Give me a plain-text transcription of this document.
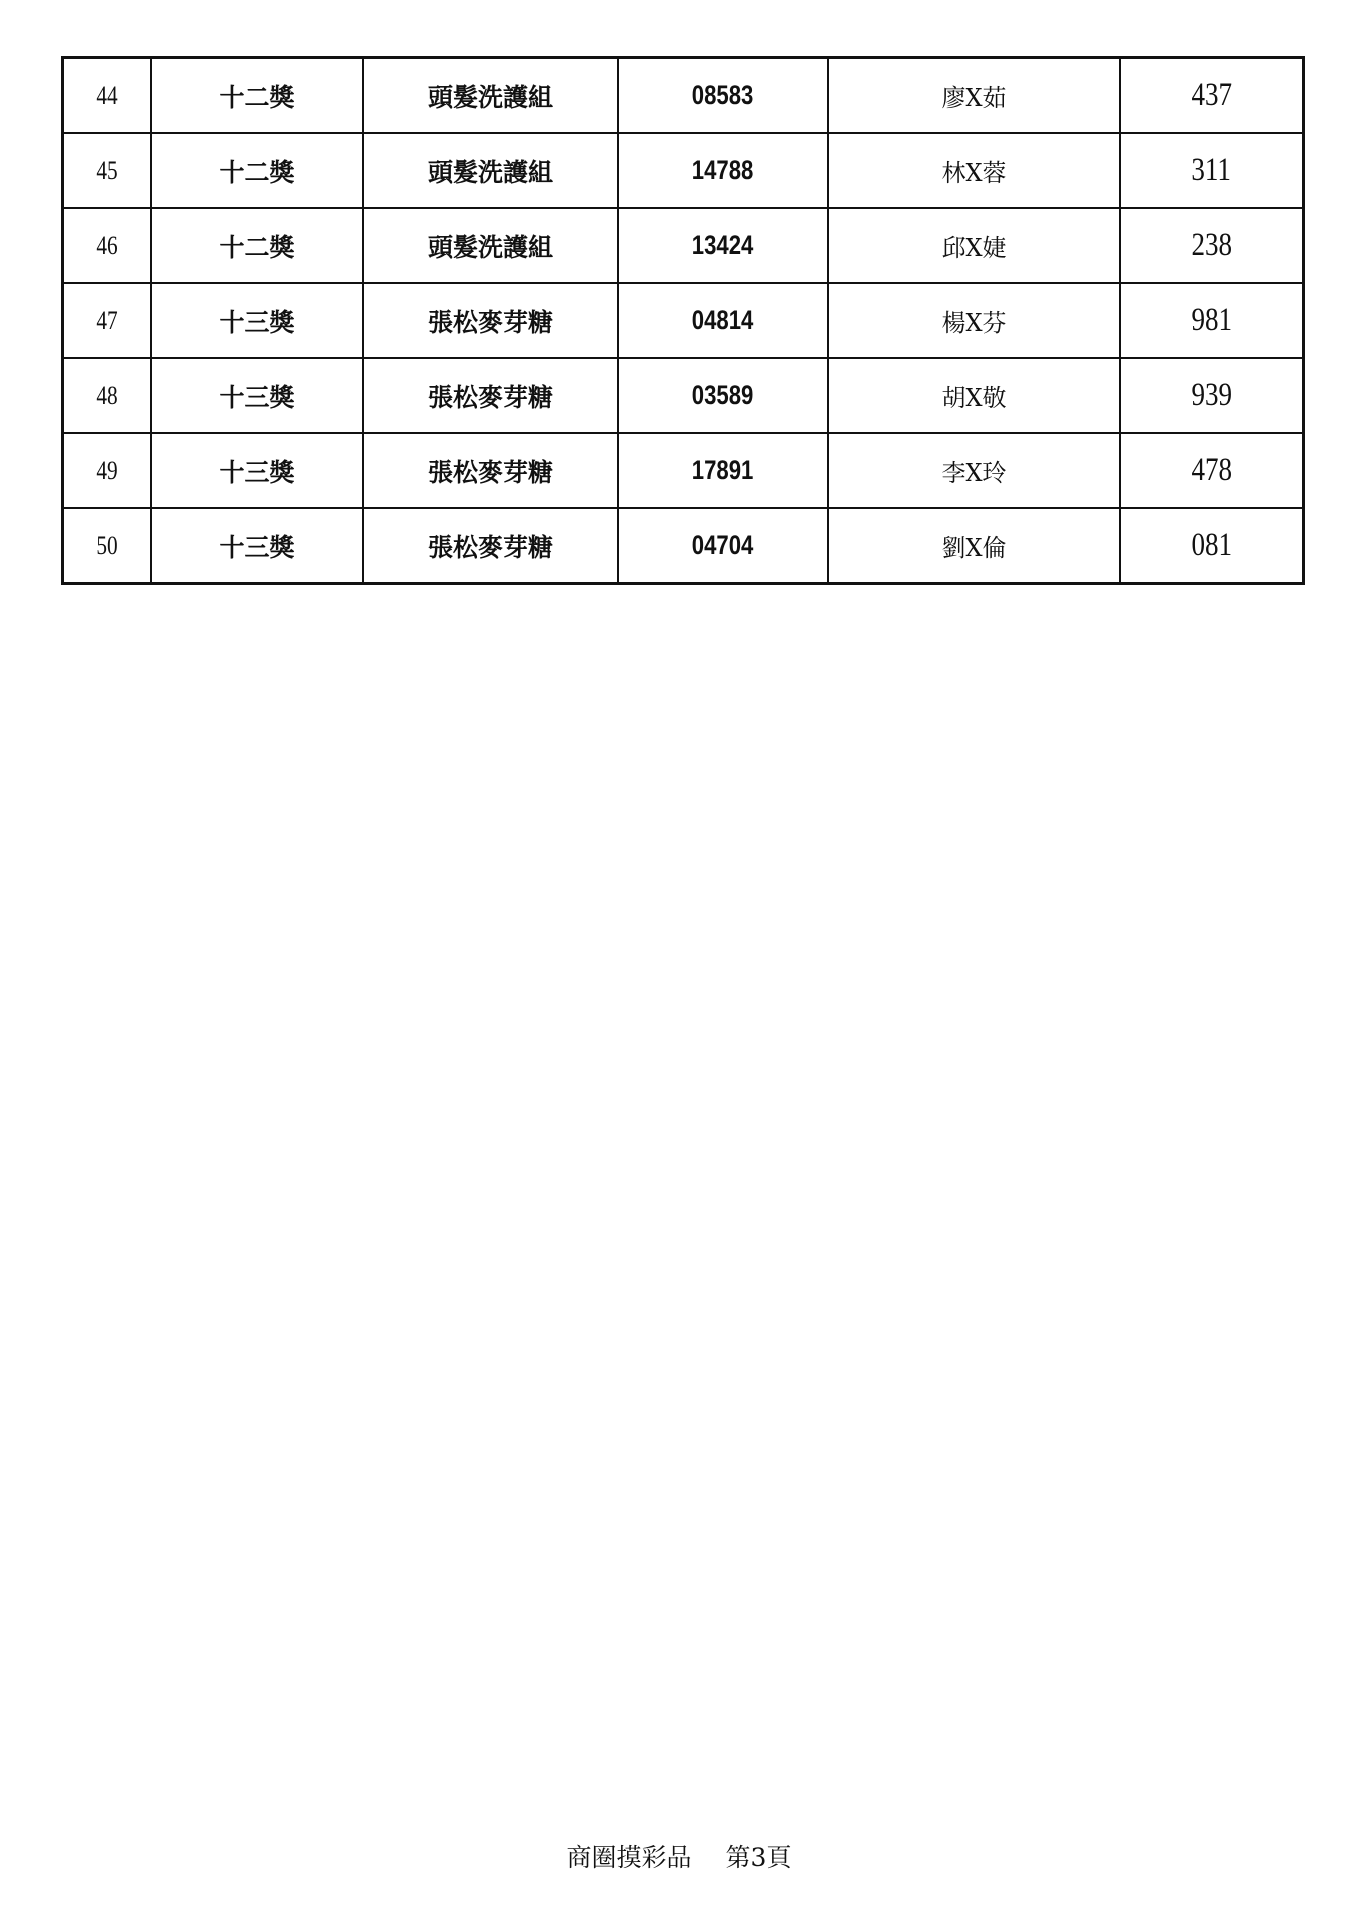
44	十二獎	頭髮洗護組	08583	廖X茹	437
45	十二獎	頭髮洗護組	14788	林X蓉	311
46	十二獎	頭髮洗護組	13424	邱X婕	238
47	十三獎	張松麥芽糖	04814	楊X芬	981
48	十三獎	張松麥芽糖	03589	胡X敬	939
49	十三獎	張松麥芽糖	17891	李X玲	478
50	十三獎	張松麥芽糖	04704	劉X倫	081
商圈摸彩品 第3頁
